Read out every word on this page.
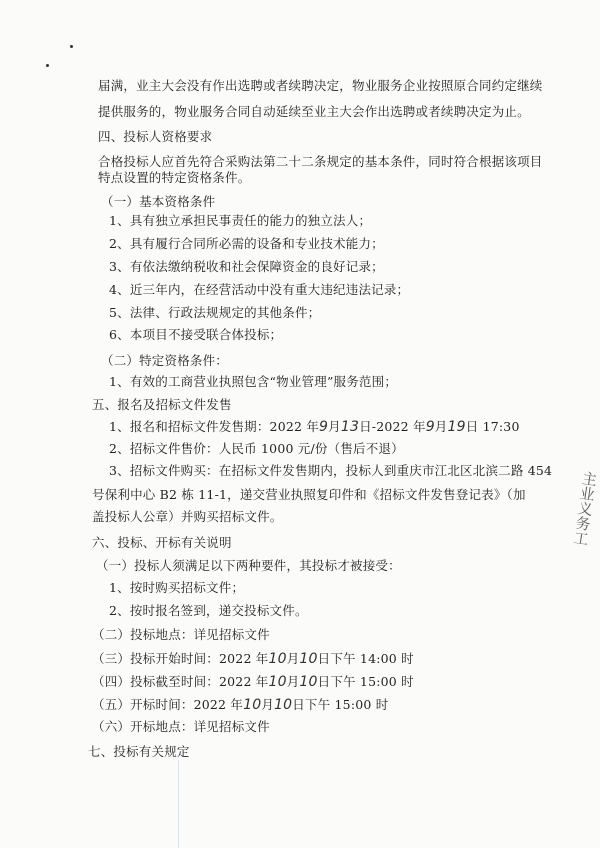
届满，业主大会没有作出选聘或者续聘决定，物业服务企业按照原合同约定继续
提供服务的，物业服务合同自动延续至业主大会作出选聘或者续聘决定为止。
四、投标人资格要求
合格投标人应首先符合采购法第二十二条规定的基本条件，同时符合根据该项目
特点设置的特定资格条件。
（一）基本资格条件
1、具有独立承担民事责任的能力的独立法人；
2、具有履行合同所必需的设备和专业技术能力；
3、有依法缴纳税收和社会保障资金的良好记录；
4、近三年内，在经营活动中没有重大违纪违法记录；
5、法律、行政法规规定的其他条件；
6、本项目不接受联合体投标；
（二）特定资格条件：
1、有效的工商营业执照包含“物业管理”服务范围；
五、报名及招标文件发售
1、报名和招标文件发售期：2022 年9月13日-2022 年9月19日 17:30
2、招标文件售价：人民币 1000 元/份（售后不退）
3、招标文件购买：在招标文件发售期内，投标人到重庆市江北区北滨二路 454
号保利中心 B2 栋 11-1，递交营业执照复印件和《招标文件发售登记表》（加
盖投标人公章）并购买招标文件。
六、投标、开标有关说明
（一）投标人须满足以下两种要件，其投标才被接受：
1、按时购买招标文件；
2、按时报名签到，递交投标文件。
（二）投标地点：详见招标文件
（三）投标开始时间：2022 年10月10日下午 14:00 时
（四）投标截至时间：2022 年10月10日下午 15:00 时
（五）开标时间：2022 年10月10日下午 15:00 时
（六）开标地点：详见招标文件
七、投标有关规定
主业义务工
